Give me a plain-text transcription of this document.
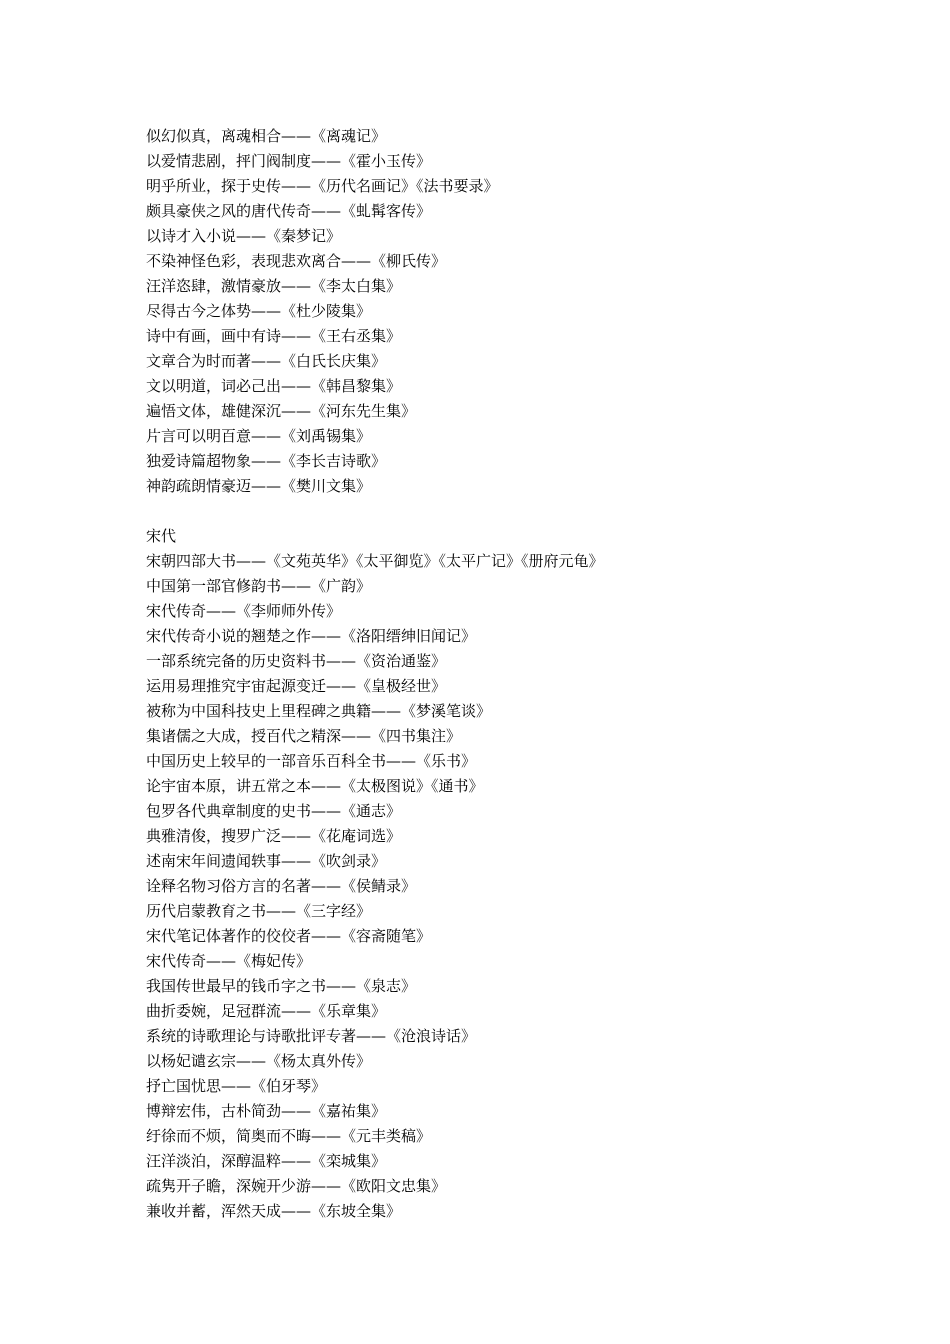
似幻似真，离魂相合——《离魂记》
以爱情悲剧，抨门阀制度——《霍小玉传》
明乎所业，探于史传——《历代名画记》《法书要录》
颇具豪侠之风的唐代传奇——《虬髯客传》
以诗才入小说——《秦梦记》
不染神怪色彩，表现悲欢离合——《柳氏传》
汪洋恣肆，激情豪放——《李太白集》
尽得古今之体势——《杜少陵集》
诗中有画，画中有诗——《王右丞集》
文章合为时而著——《白氏长庆集》
文以明道，词必己出——《韩昌黎集》
遍悟文体，雄健深沉——《河东先生集》
片言可以明百意——《刘禹锡集》
独爱诗篇超物象——《李长吉诗歌》
神韵疏朗情豪迈——《樊川文集》
宋代
宋朝四部大书——《文苑英华》《太平御览》《太平广记》《册府元龟》
中国第一部官修韵书——《广韵》
宋代传奇——《李师师外传》
宋代传奇小说的翘楚之作——《洛阳缙绅旧闻记》
一部系统完备的历史资料书——《资治通鉴》
运用易理推究宇宙起源变迁——《皇极经世》
被称为中国科技史上里程碑之典籍——《梦溪笔谈》
集诸儒之大成，授百代之精深——《四书集注》
中国历史上较早的一部音乐百科全书——《乐书》
论宇宙本原，讲五常之本——《太极图说》《通书》
包罗各代典章制度的史书——《通志》
典雅清俊，搜罗广泛——《花庵词选》
述南宋年间遗闻轶事——《吹剑录》
诠释名物习俗方言的名著——《侯鲭录》
历代启蒙教育之书——《三字经》
宋代笔记体著作的佼佼者——《容斋随笔》
宋代传奇——《梅妃传》
我国传世最早的钱币字之书——《泉志》
曲折委婉，足冠群流——《乐章集》
系统的诗歌理论与诗歌批评专著——《沧浪诗话》
以杨妃谴玄宗——《杨太真外传》
抒亡国忧思——《伯牙琴》
博辩宏伟，古朴简劲——《嘉祐集》
纡徐而不烦，简奥而不晦——《元丰类稿》
汪洋淡泊，深醇温粹——《栾城集》
疏隽开子瞻，深婉开少游——《欧阳文忠集》
兼收并蓄，浑然天成——《东坡全集》
